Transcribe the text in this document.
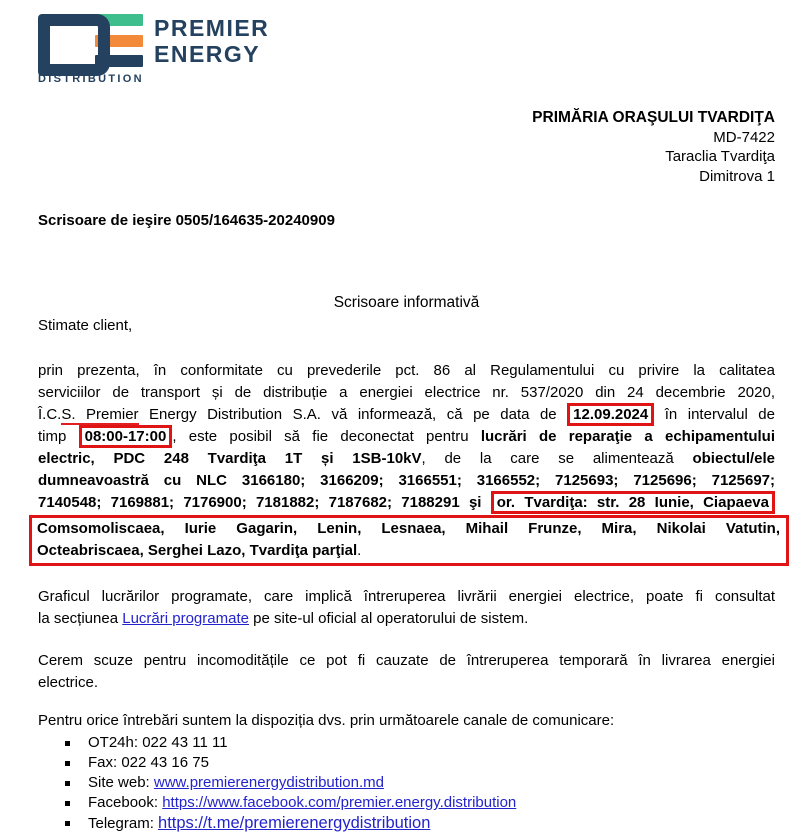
PREMIER
ENERGY
DISTRIBUTION
PRIMĂRIA ORAŞULUI TVARDIŢA
MD-7422
Taraclia Tvardiţa
Dimitrova 1
Scrisoare de ieşire 0505/164635-20240909
Scrisoare informativă
Stimate client,
prin prezenta, în conformitate cu prevederile pct. 86 al Regulamentului cu privire la calitatea
serviciilor de transport și de distribuție a energiei electrice nr. 537/2020 din 24 decembrie 2020,
Î.C.S. Premier Energy Distribution S.A. vă informează, că pe data de 12.09.2024 în intervalul de
timp 08:00-17:00 , este posibil să fie deconectat pentru lucrări de reparaţie a echipamentului
electric, PDC 248 Tvardiţa 1T și 1SB-10kV, de la care se alimentează obiectul/ele
dumneavoastră cu NLC 3166180; 3166209; 3166551; 3166552; 7125693; 7125696; 7125697;
7140548; 7169881; 7176900; 7181882; 7187682; 7188291 şi or. Tvardiţa: str. 28 Iunie, Ciapaeva
Comsomoliscaea, Iurie Gagarin, Lenin, Lesnaea, Mihail Frunze, Mira, Nikolai Vatutin,
Octeabriscaea, Serghei Lazo, Tvardiţa parţial.
Graficul lucrărilor programate, care implică întreruperea livrării energiei electrice, poate fi consultat
la secțiunea Lucrări programate pe site-ul oficial al operatorului de sistem.
Cerem scuze pentru incomoditățile ce pot fi cauzate de întreruperea temporară în livrarea energiei
electrice.
Pentru orice întrebări suntem la dispoziția dvs. prin următoarele canale de comunicare:
OT24h: 022 43 11 11
Fax: 022 43 16 75
Site web: www.premierenergydistribution.md
Facebook: https://www.facebook.com/premier.energy.distribution
Telegram: https://t.me/premierenergydistribution
